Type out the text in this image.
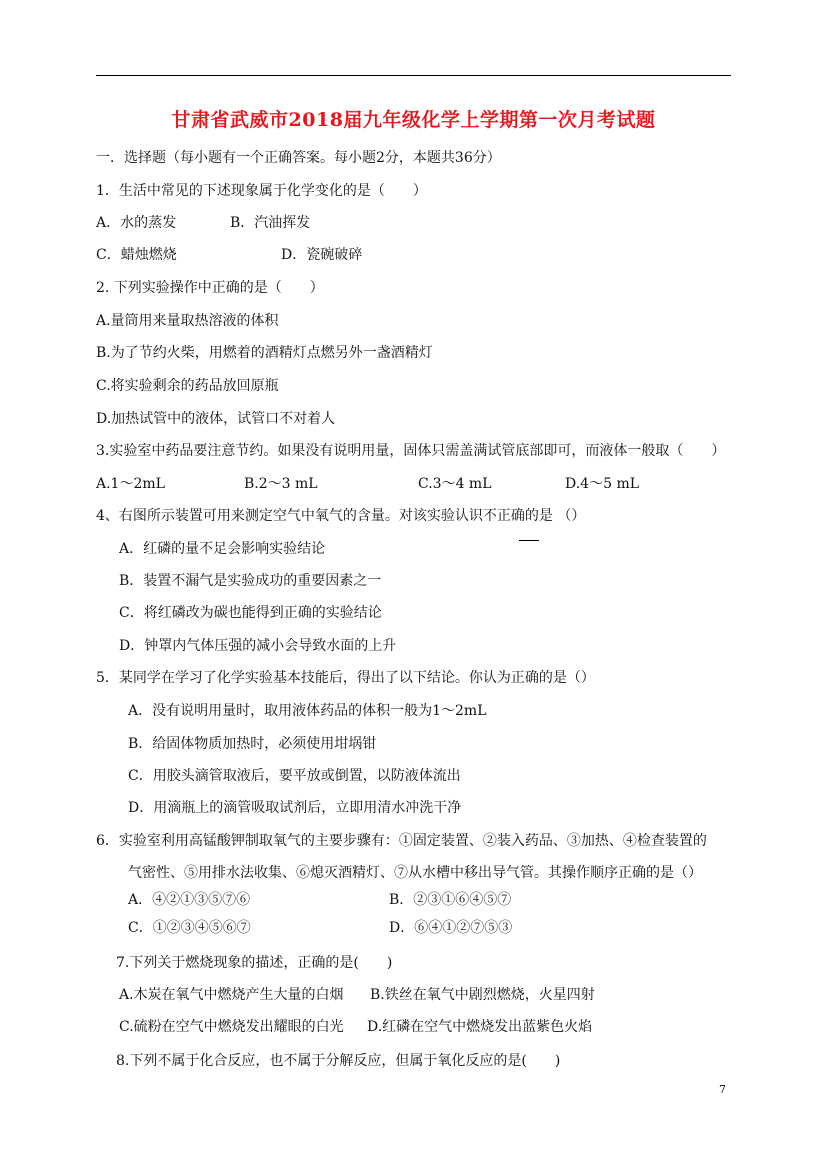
甘肃省武威市2018届九年级化学上学期第一次月考试题
一．选择题（每小题有一个正确答案。每小题2分，本题共36分）
1．生活中常见的下述现象属于化学变化的是（　　）
A．水的蒸发	B．汽油挥发
C．蜡烛燃烧	D．瓷碗破碎
2. 下列实验操作中正确的是（　　）
A.量筒用来量取热溶液的体积
B.为了节约火柴，用燃着的酒精灯点燃另外一盏酒精灯
C.将实验剩余的药品放回原瓶
D.加热试管中的液体，试管口不对着人
3.实验室中药品要注意节约。如果没有说明用量，固体只需盖满试管底部即可，而液体一般取（　　）
A.1～2mL	B.2～3 mL	C.3～4 mL	D.4～5 mL
4、右图所示装置可用来测定空气中氧气的含量。对该实验认识不正确的是 （）
A．红磷的量不足会影响实验结论
B．装置不漏气是实验成功的重要因素之一
C．将红磷改为碳也能得到正确的实验结论
D．钟罩内气体压强的减小会导致水面的上升
5．某同学在学习了化学实验基本技能后，得出了以下结论。你认为正确的是（）
A．没有说明用量时，取用液体药品的体积一般为1～2mL
B．给固体物质加热时，必须使用坩埚钳
C．用胶头滴管取液后，要平放或倒置，以防液体流出
D．用滴瓶上的滴管吸取试剂后，立即用清水冲洗干净
6．实验室利用高锰酸钾制取氧气的主要步骤有：①固定装置、②装入药品、③加热、④检查装置的
气密性、⑤用排水法收集、⑥熄灭酒精灯、⑦从水槽中移出导气管。其操作顺序正确的是（）
A．④②①③⑤⑦⑥	B．②③①⑥④⑤⑦
C．①②③④⑤⑥⑦	D．⑥④①②⑦⑤③
7.下列关于燃烧现象的描述，正确的是(　　)
A.木炭在氧气中燃烧产生大量的白烟 B.铁丝在氧气中剧烈燃烧，火星四射
C.硫粉在空气中燃烧发出耀眼的白光 D.红磷在空气中燃烧发出蓝紫色火焰
8.下列不属于化合反应，也不属于分解反应，但属于氧化反应的是(　　)
7
